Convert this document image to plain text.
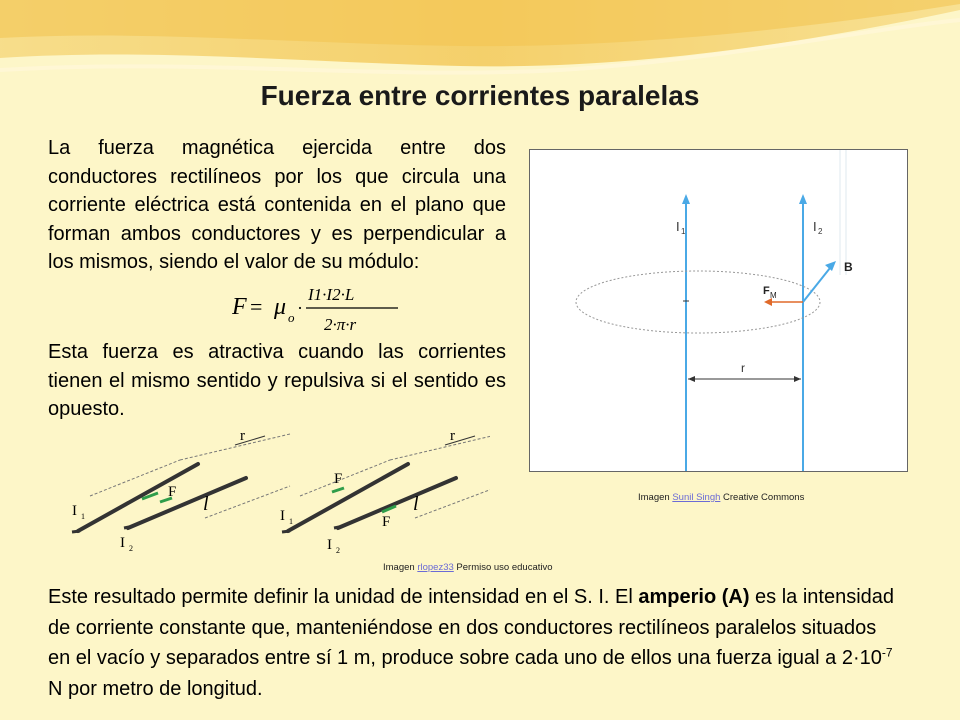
Fuerza entre corrientes paralelas
La fuerza magnética ejercida entre dos conductores rectilíneos por los que circula una corriente eléctrica está contenida en el plano que forman ambos conductores y es perpendicular a los mismos, siendo el valor de su módulo:
F = μ o ·
I1·I2·L
2·π·r
Esta fuerza es atractiva cuando las corrientes tienen el mismo sentido y repulsiva si el sentido es opuesto.
I 1	I 2
B
F M
r
Imagen Sunil Singh Creative Commons
r
F
l
I 1
I 2
r
F
F
l
I 1
I 2
Imagen rlopez33 Permiso uso educativo
Este resultado permite definir la unidad de intensidad en el S. I. El amperio (A) es la intensidad de corriente constante que, manteniéndose en dos conductores rectilíneos paralelos situados en el vacío y separados entre sí 1 m, produce sobre cada uno de ellos una fuerza igual a $2\cdot 10^{-7}$ N por metro de longitud.
